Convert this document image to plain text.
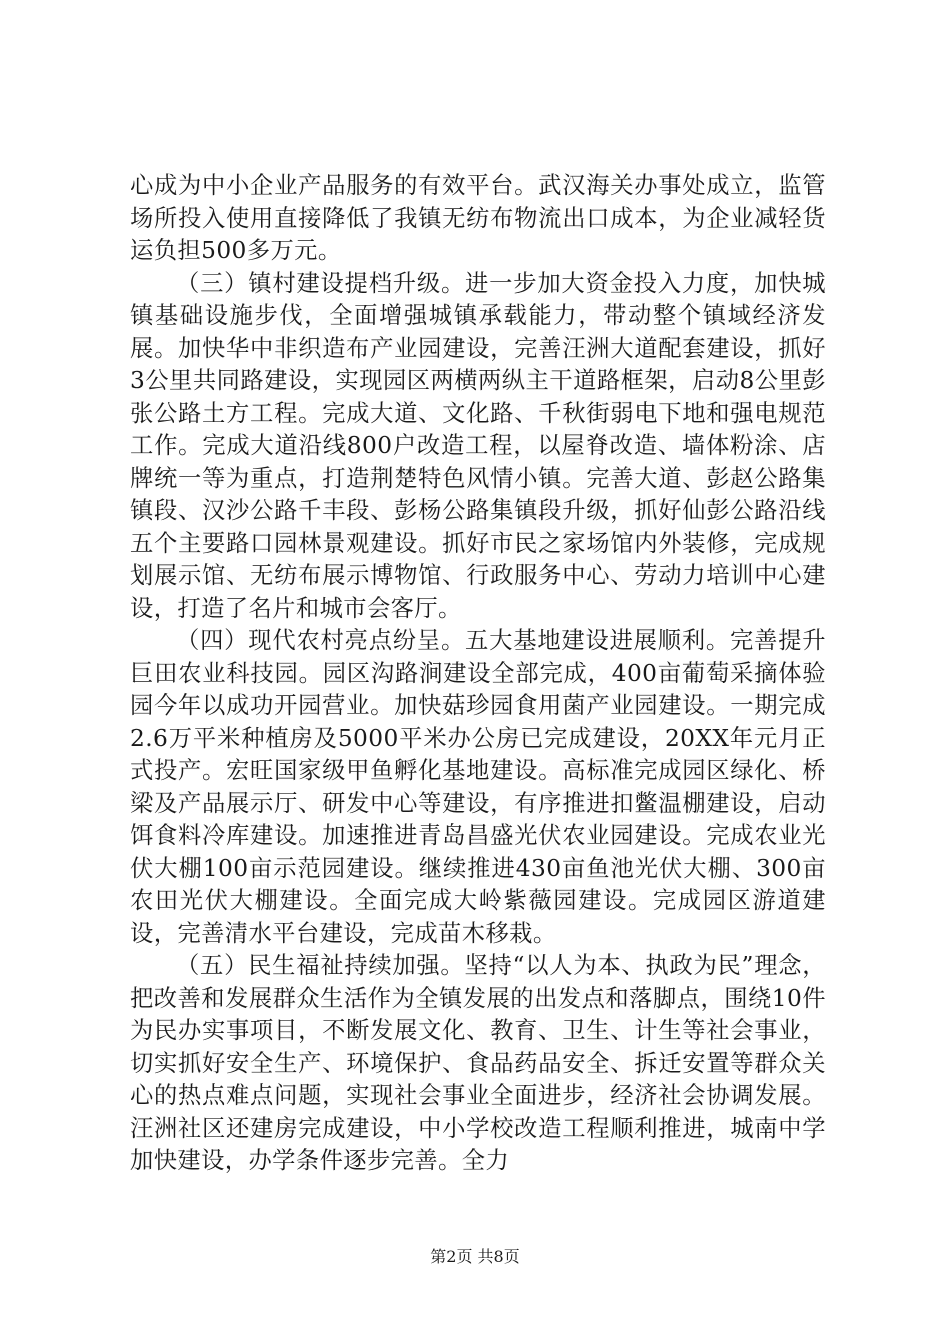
心成为中小企业产品服务的有效平台。武汉海关办事处成立，监管场所投入使用直接降低了我镇无纺布物流出口成本，为企业减轻货运负担500多万元。

（三）镇村建设提档升级。进一步加大资金投入力度，加快城镇基础设施步伐，全面增强城镇承载能力，带动整个镇域经济发展。加快华中非织造布产业园建设，完善汪洲大道配套建设，抓好3公里共同路建设，实现园区两横两纵主干道路框架，启动8公里彭张公路土方工程。完成大道、文化路、千秋街弱电下地和强电规范工作。完成大道沿线800户改造工程，以屋脊改造、墙体粉涂、店牌统一等为重点，打造荆楚特色风情小镇。完善大道、彭赵公路集镇段、汉沙公路千丰段、彭杨公路集镇段升级，抓好仙彭公路沿线五个主要路口园林景观建设。抓好市民之家场馆内外装修，完成规划展示馆、无纺布展示博物馆、行政服务中心、劳动力培训中心建设，打造了名片和城市会客厅。

（四）现代农村亮点纷呈。五大基地建设进展顺利。完善提升巨田农业科技园。园区沟路涧建设全部完成，400亩葡萄采摘体验园今年以成功开园营业。加快菇珍园食用菌产业园建设。一期完成2.6万平米种植房及5000平米办公房已完成建设，20XX年元月正式投产。宏旺国家级甲鱼孵化基地建设。高标准完成园区绿化、桥梁及产品展示厅、研发中心等建设，有序推进扣鳖温棚建设，启动饵食料冷库建设。加速推进青岛昌盛光伏农业园建设。完成农业光伏大棚100亩示范园建设。继续推进430亩鱼池光伏大棚、300亩农田光伏大棚建设。全面完成大岭紫薇园建设。完成园区游道建设，完善清水平台建设，完成苗木移栽。

（五）民生福祉持续加强。坚持“以人为本、执政为民”理念，把改善和发展群众生活作为全镇发展的出发点和落脚点，围绕10件为民办实事项目，不断发展文化、教育、卫生、计生等社会事业，切实抓好安全生产、环境保护、食品药品安全、拆迁安置等群众关心的热点难点问题，实现社会事业全面进步，经济社会协调发展。汪洲社区还建房完成建设，中小学校改造工程顺利推进，城南中学加快建设，办学条件逐步完善。全力

第2页 共8页
